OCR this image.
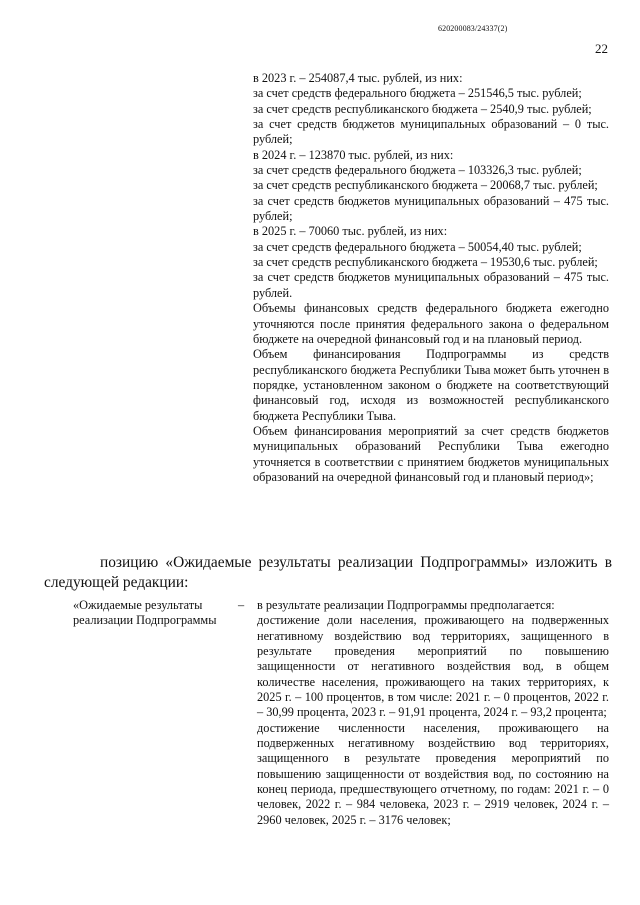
620200083/24337(2)
22

в 2023 г. – 254087,4 тыс. рублей, из них:

за счет средств федерального бюджета – 251546,5 тыс. рублей;

за счет средств республиканского бюджета – 2540,9 тыс. рублей;

за счет средств бюджетов муниципальных образований – 0 тыс. рублей;

в 2024 г. – 123870 тыс. рублей, из них:

за счет средств федерального бюджета – 103326,3 тыс. рублей;

за счет средств республиканского бюджета – 20068,7 тыс. рублей;

за счет средств бюджетов муниципальных образований – 475 тыс. рублей;

в 2025 г. – 70060 тыс. рублей, из них:

за счет средств федерального бюджета – 50054,40 тыс. рублей;

за счет средств республиканского бюджета – 19530,6 тыс. рублей;

за счет средств бюджетов муниципальных образований – 475 тыс. рублей.

Объемы финансовых средств федерального бюджета ежегодно уточняются после принятия федерального закона о федеральном бюджете на очередной финансовый год и на плановый период.

Объем финансирования Подпрограммы из средств республиканского бюджета Республики Тыва может быть уточнен в порядке, установленном законом о бюджете на соответствующий финансовый год, исходя из возможностей республиканского бюджета Республики Тыва.

Объем финансирования мероприятий за счет средств бюджетов муниципальных образований Республики Тыва ежегодно уточняется в соответствии с принятием бюджетов муниципальных образований на очередной финансовый год и плановый период»;

позицию «Ожидаемые результаты реализации Подпрограммы» изложить в следующей редакции:

«Ожидаемые результаты реализации Подпрограммы
– в результате реализации Подпрограммы предполагается:

достижение доли населения, проживающего на подверженных негативному воздействию вод территориях, защищенного в результате проведения мероприятий по повышению защищенности от негативного воздействия вод, в общем количестве населения, проживающего на таких территориях, к 2025 г. – 100 процентов, в том числе: 2021 г. – 0 процентов, 2022 г. – 30,99 процента, 2023 г. – 91,91 процента, 2024 г. – 93,2 процента;

достижение численности населения, проживающего на подверженных негативному воздействию вод территориях, защищенного в результате проведения мероприятий по повышению защищенности от воздействия вод, по состоянию на конец периода, предшествующего отчетному, по годам: 2021 г. – 0 человек, 2022 г. – 984 человека, 2023 г. – 2919 человек, 2024 г. – 2960 человек, 2025 г. – 3176 человек;
